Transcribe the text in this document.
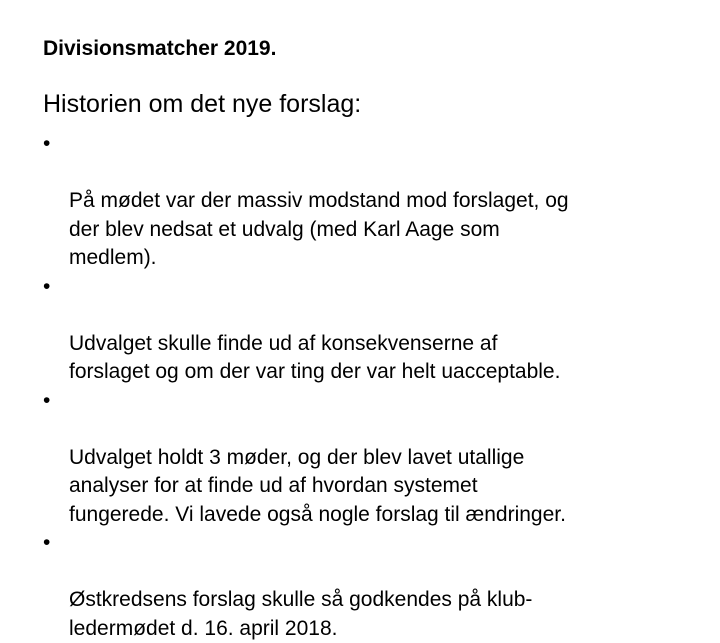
Divisionsmatcher 2019.
Historien om det nye forslag:

•

På mødet var der massiv modstand mod forslaget, og
der blev nedsat et udvalg (med Karl Aage som
medlem).

•

Udvalget skulle finde ud af konsekvenserne af
forslaget og om der var ting der var helt uacceptable.

•

Udvalget holdt 3 møder, og der blev lavet utallige
analyser for at finde ud af hvordan systemet
fungerede. Vi lavede også nogle forslag til ændringer.

•

Østkredsens forslag skulle så godkendes på klub-
ledermødet d. 16. april 2018.
